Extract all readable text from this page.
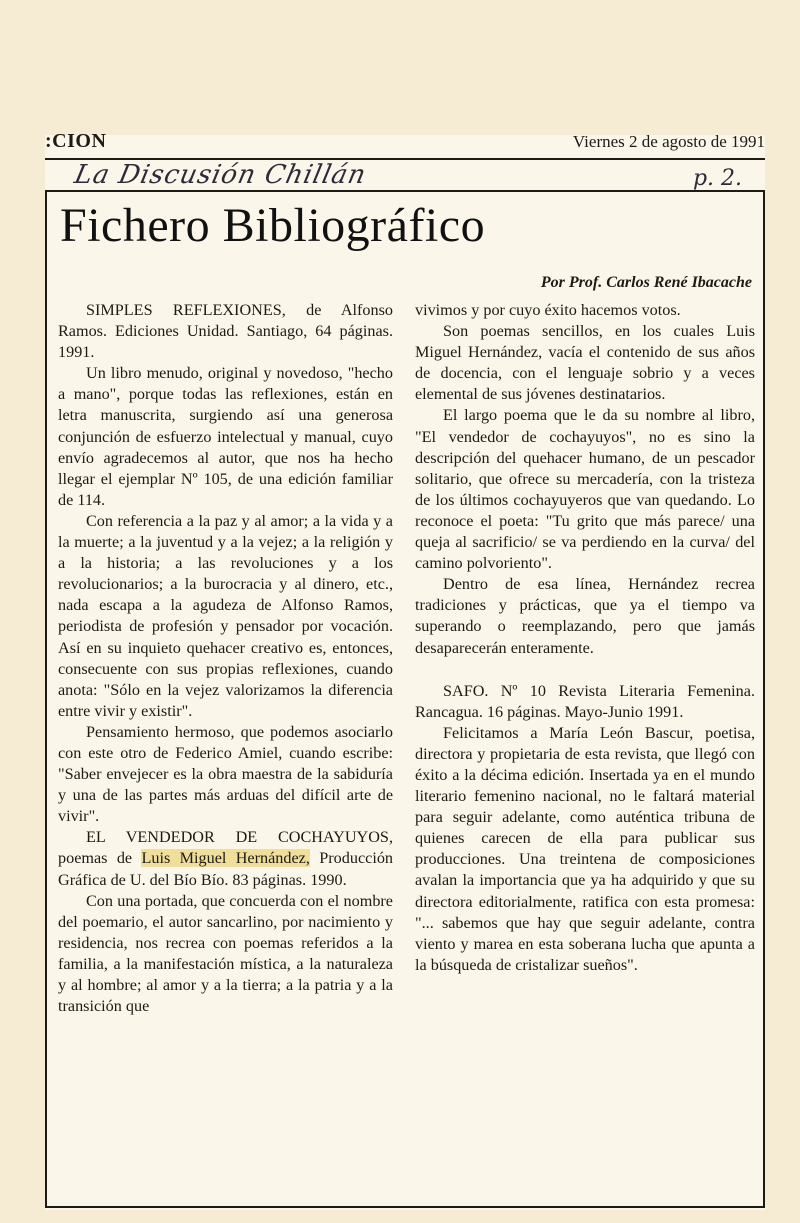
:CION	Viernes 2 de agosto de 1991
La Discusión Chillán	p. 2.
Fichero Bibliográfico
Por Prof. Carlos René Ibacache

SIMPLES REFLEXIONES, de Alfonso Ramos. Ediciones Unidad. Santiago, 64 páginas. 1991.

Un libro menudo, original y novedoso, "hecho a mano", porque todas las reflexiones, están en letra manuscrita, surgiendo así una generosa conjunción de esfuerzo intelectual y manual, cuyo envío agradecemos al autor, que nos ha hecho llegar el ejemplar Nº 105, de una edición familiar de 114.

Con referencia a la paz y al amor; a la vida y a la muerte; a la juventud y a la vejez; a la religión y a la historia; a las revoluciones y a los revolucionarios; a la burocracia y al dinero, etc., nada escapa a la agudeza de Alfonso Ramos, periodista de profesión y pensador por vocación. Así en su inquieto quehacer creativo es, entonces, consecuente con sus propias reflexiones, cuando anota: "Sólo en la vejez valorizamos la diferencia entre vivir y existir".

Pensamiento hermoso, que podemos asociarlo con este otro de Federico Amiel, cuando escribe: "Saber envejecer es la obra maestra de la sabiduría y una de las partes más arduas del difícil arte de vivir".

EL VENDEDOR DE COCHAYUYOS, poemas de Luis Miguel Hernández, Producción Gráfica de U. del Bío Bío. 83 páginas. 1990.

Con una portada, que concuerda con el nombre del poemario, el autor sancarlino, por nacimiento y residencia, nos recrea con poemas referidos a la familia, a la manifestación mística, a la naturaleza y al hombre; al amor y a la tierra; a la patria y a la transición que

vivimos y por cuyo éxito hacemos votos.

Son poemas sencillos, en los cuales Luis Miguel Hernández, vacía el contenido de sus años de docencia, con el lenguaje sobrio y a veces elemental de sus jóvenes destinatarios.

El largo poema que le da su nombre al libro, "El vendedor de cochayuyos", no es sino la descripción del quehacer humano, de un pescador solitario, que ofrece su mercadería, con la tristeza de los últimos cochayuyeros que van quedando. Lo reconoce el poeta: "Tu grito que más parece/ una queja al sacrificio/ se va perdiendo en la curva/ del camino polvoriento".

Dentro de esa línea, Hernández recrea tradiciones y prácticas, que ya el tiempo va superando o reemplazando, pero que jamás desaparecerán enteramente.

SAFO. Nº 10 Revista Literaria Femenina. Rancagua. 16 páginas. Mayo-Junio 1991.

Felicitamos a María León Bascur, poetisa, directora y propietaria de esta revista, que llegó con éxito a la décima edición. Insertada ya en el mundo literario femenino nacional, no le faltará material para seguir adelante, como auténtica tribuna de quienes carecen de ella para publicar sus producciones. Una treintena de composiciones avalan la importancia que ya ha adquirido y que su directora editorialmente, ratifica con esta promesa: "... sabemos que hay que seguir adelante, contra viento y marea en esta soberana lucha que apunta a la búsqueda de cristalizar sueños".
